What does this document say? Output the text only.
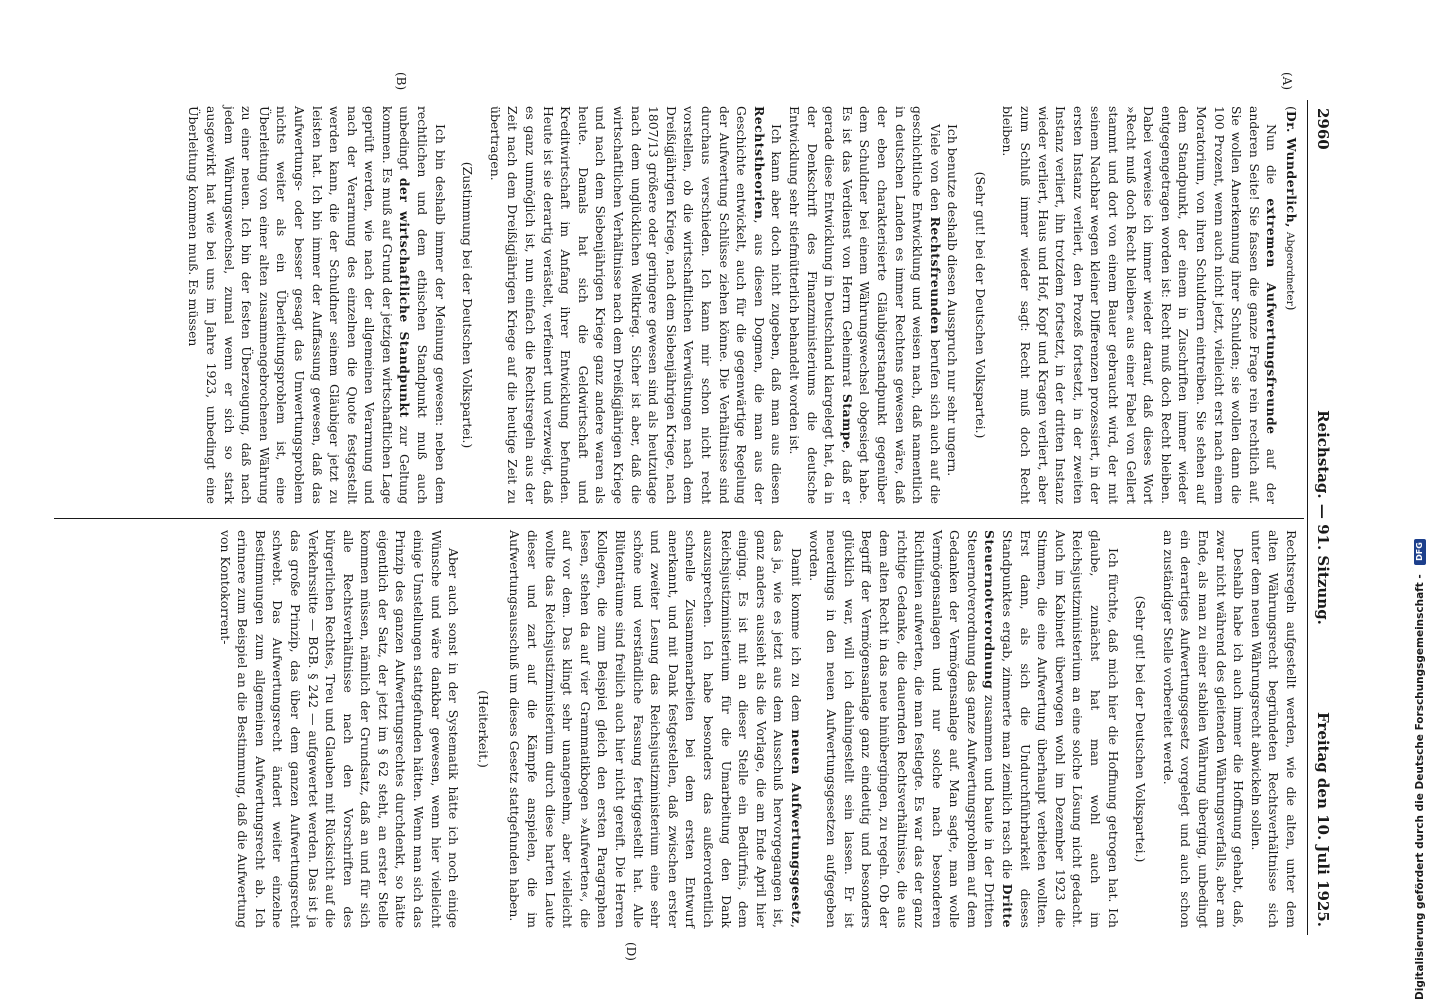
2960
Reichstag. — 91. Sitzung.
Freitag den 10. Juli 1925.
(A)
(B)
(D)

(Dr. Wunderlich, Abgeordneter)

Nun die extremen Aufwertungsfreunde auf der anderen Seite! Sie fassen die ganze Frage rein rechtlich auf. Sie wollen Anerkennung ihrer Schulden; sie wollen dann die 100 Prozent, wenn auch nicht jetzt, vielleicht erst nach einem Moratorium, von ihren Schuldnern eintreiben. Sie stehen auf dem Standpunkt, der einem in Zuschriften immer wieder entgegengetragen worden ist: Recht muß doch Recht bleiben. Dabei verweise ich immer wieder darauf, daß dieses Wort »Recht muß doch Recht bleiben« aus einer Fabel von Gellert stammt und dort von einem Bauer gebraucht wird, der mit seinem Nachbar wegen kleiner Differenzen prozessiert, in der ersten Instanz verliert, den Prozeß fortsetzt, in der zweiten Instanz verliert, ihn trotzdem fortsetzt, in der dritten Instanz wieder verliert, Haus und Hof, Kopf und Kragen verliert, aber zum Schluß immer wieder sagt: Recht muß doch Recht bleiben.

(Sehr gut! bei der Deutschen Volkspartei.)

Ich benutze deshalb diesen Ausspruch nur sehr ungern.

Viele von den Rechtsfreunden berufen sich auch auf die geschichtliche Entwicklung und weisen nach, daß namentlich in deutschen Landen es immer Rechtens gewesen wäre, daß der eben charakterisierte Gläubigerstandpunkt gegenüber dem Schuldner bei einem Währungswechsel obgesiegt habe. Es ist das Verdienst von Herrn Geheimrat Stampe, daß er gerade diese Entwicklung in Deutschland klargelegt hat, da in der Denkschrift des Finanzministeriums die deutsche Entwicklung sehr stiefmütterlich behandelt worden ist.

Ich kann aber doch nicht zugeben, daß man aus diesen Rechtstheorien, aus diesen Dogmen, die man aus der Geschichte entwickelt, auch für die gegenwärtige Regelung der Aufwertung Schlüsse ziehen könne. Die Verhältnisse sind durchaus verschieden. Ich kann mir schon nicht recht vorstellen, ob die wirtschaftlichen Verwüstungen nach dem Dreißigjährigen Kriege, nach dem Siebenjährigen Kriege, nach 1807/13 größere oder geringere gewesen sind als heutzutage nach dem unglücklichen Weltkrieg. Sicher ist aber, daß die wirtschaftlichen Verhältnisse nach dem Dreißigjährigen Kriege und nach dem Siebenjährigen Kriege ganz andere waren als heute. Damals hat sich die Geldwirtschaft und Kreditwirtschaft im Anfang ihrer Entwicklung befunden. Heute ist sie derartig verästelt, verfeinert und verzweigt, daß es ganz unmöglich ist, nun einfach die Rechtsregeln aus der Zeit nach dem Dreißigjährigen Kriege auf die heutige Zeit zu übertragen.

(Zustimmung bei der Deutschen Volkspartei.)

Ich bin deshalb immer der Meinung gewesen: neben dem rechtlichen und dem ethischen Standpunkt muß auch unbedingt der wirtschaftliche Standpunkt zur Geltung kommen. Es muß auf Grund der jetzigen wirtschaftlichen Lage geprüft werden, wie nach der allgemeinen Verarmung und nach der Verarmung des einzelnen die Quote festgestellt werden kann, die der Schuldner seinem Gläubiger jetzt zu leisten hat. Ich bin immer der Auffassung gewesen, daß das Aufwertungs- oder besser gesagt das Umwertungsproblem nichts weiter als ein Überleitungsproblem ist, eine Überleitung von einer alten zusammengebrochenen Währung zu einer neuen. Ich bin der festen Überzeugung, daß nach jedem Währungswechsel, zumal wenn er sich so stark ausgewirkt hat wie bei uns im Jahre 1923, unbedingt eine Überleitung kommen muß. Es müssen

Rechtsregeln aufgestellt werden, wie die alten, unter dem alten Währungsrecht begründeten Rechtsverhältnisse sich unter dem neuen Währungsrecht abwickeln sollen.

Deshalb habe ich auch immer die Hoffnung gehabt, daß, zwar nicht während des gleitenden Währungsverfalls, aber am Ende, als man zu einer stabilen Währung überging, unbedingt ein derartiges Aufwertungsgesetz vorgelegt und auch schon an zuständiger Stelle vorbereitet werde.

(Sehr gut! bei der Deutschen Volkspartei.)

Ich fürchte, daß mich hier die Hoffnung getrogen hat. Ich glaube, zunächst hat man wohl auch im Reichsjustizministerium an eine solche Lösung nicht gedacht. Auch im Kabinett überwogen wohl im Dezember 1923 die Stimmen, die eine Aufwertung überhaupt verbieten wollten. Erst dann, als sich die Undurchführbarkeit dieses Standpunktes ergab, zimmerte man ziemlich rasch die Dritte Steuernotverordnung zusammen und baute in der Dritten Steuernotverordnung das ganze Aufwertungsproblem auf dem Gedanken der Vermögensanlage auf. Man sagte, man wolle Vermögensanlagen und nur solche nach besonderen Richtlinien aufwerten, die man festlegte. Es war das der ganz richtige Gedanke, die dauernden Rechtsverhältnisse, die aus dem alten Recht in das neue hinübergingen, zu regeln. Ob der Begriff der Vermögensanlage ganz eindeutig und besonders glücklich war, will ich dahingestellt sein lassen. Er ist neuerdings in den neuen Aufwertungsgesetzen aufgegeben worden.

Damit komme ich zu dem neuen Aufwertungsgesetz, das ja, wie es jetzt aus dem Ausschuß hervorgegangen ist, ganz anders aussieht als die Vorlage, die am Ende April hier einging. Es ist mit an dieser Stelle ein Bedürfnis, dem Reichsjustizministerium für die Umarbeitung den Dank auszusprechen. Ich habe besonders das außerordentlich schnelle Zusammenarbeiten bei dem ersten Entwurf anerkannt, und mit Dank festgestellen, daß zwischen erster und zweiter Lesung das Reichsjustizministerium eine sehr schöne und verständliche Fassung fertiggestellt hat. Alle Blütenträume sind freilich auch hier nicht gereift. Die Herren Kollegen, die zum Beispiel gleich den ersten Paragraphen lesen, stehen da auf vier Grammatikbogen »Aufwerten«, die auf vor dem. Das klingt sehr unangenehm, aber vielleicht wollte das Reichsjustizministerium durch diese harten Laute dieser und zart auf die Kämpfe anspielen, die im Aufwertungsausschuß um dieses Gesetz stattgefunden haben.

(Heiterkeit.)

Aber auch sonst in der Systematik hätte ich noch einige Wünsche und wäre dankbar gewesen, wenn hier vielleicht einige Umstellungen stattgefunden hätten. Wenn man sich das Prinzip des ganzen Aufwertungsrechtes durchdenkt, so hätte eigentlich der Satz, der jetzt im § 62 steht, an erster Stelle kommen müssen, nämlich der Grundsatz, daß an und für sich alle Rechtsverhältnisse nach den Vorschriften des bürgerlichen Rechtes, Treu und Glauben mit Rücksicht auf die Verkehrssitte — BGB. § 242 — aufgewertet werden. Das ist ja das große Prinzip, das über dem ganzen Aufwertungsrecht schwebt. Das Aufwertungsrecht ändert weiter einzelne Bestimmungen zum allgemeinen Aufwertungsrecht ab. Ich erinnere zum Beispiel an die Bestimmung, daß die Aufwertung von Kontokorrent-	Digitalisierung gefördert durch die Deutsche Forschungsgemeinschaft - DFG
